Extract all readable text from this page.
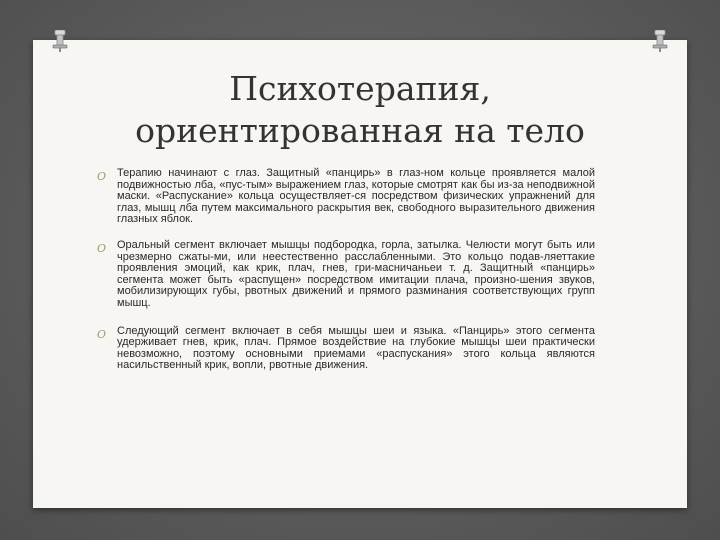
Психотерапия,
ориентированная на тело
O Терапию начинают с глаз. Защитный «панцирь» в глаз-ном кольце проявляется малой подвижностью лба, «пус-тым» выражением глаз, которые смотрят как бы из-за неподвижной маски. «Распускание» кольца осуществляет-ся посредством физических упражнений для глаз, мышц лба путем максимального раскрытия век, свободного выразительного движения глазных яблок.

O Оральный сегмент включает мышцы подбородка, горла, затылка. Челюсти могут быть или чрезмерно сжаты-ми, или неестественно расслабленными. Это кольцо подав-ляеттакие проявления эмоций, как крик, плач, гнев, гри-масничаньеи т. д. Защитный «панцирь» сегмента может быть «распущен» посредством имитации плача, произно-шения звуков, мобилизирующих губы, рвотных движений и прямого разминания соответствующих групп мышц.

O Следующий сегмент включает в себя мышцы шеи и языка. «Панцирь» этого сегмента удерживает гнев, крик, плач. Прямое воздействие на глубокие мышцы шеи практически невозможно, поэтому основными приемами «распускания» этого кольца являются насильственный крик, вопли, рвотные движения.
